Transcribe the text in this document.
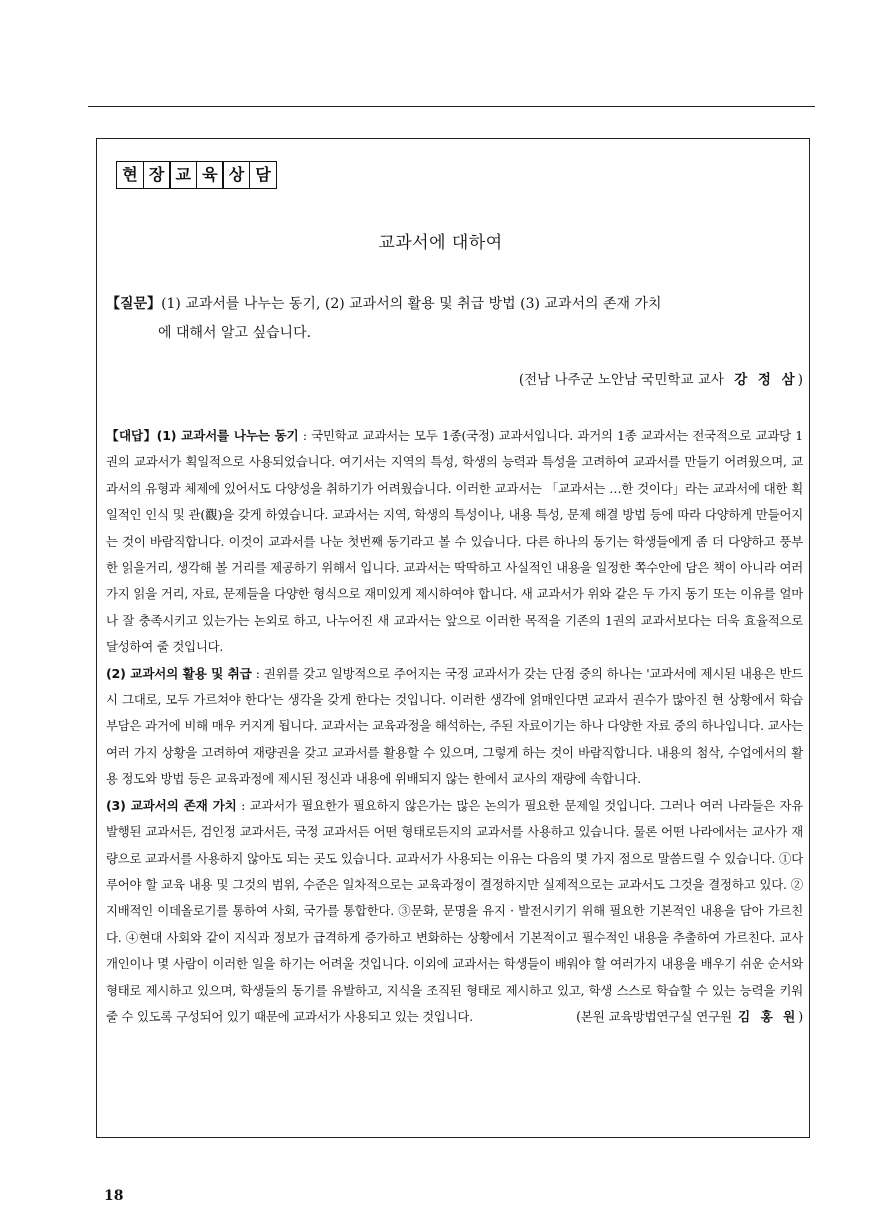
현 장 교 육 상 담
교과서에 대하여
【질문】(1) 교과서를 나누는 동기, (2) 교과서의 활용 및 취급 방법 (3) 교과서의 존재 가치
에 대해서 알고 싶습니다.
(전남 나주군 노안남 국민학교 교사 강 정 삼)

【대답】(1) 교과서를 나누는 동기 : 국민학교 교과서는 모두 1종(국정) 교과서입니다. 과거의 1종 교과서는 전국적으로 교과당 1권의 교과서가 획일적으로 사용되었습니다. 여기서는 지역의 특성, 학생의 능력과 특성을 고려하여 교과서를 만들기 어려웠으며, 교과서의 유형과 체제에 있어서도 다양성을 취하기가 어려웠습니다. 이러한 교과서는 「교과서는 …한 것이다」라는 교과서에 대한 획일적인 인식 및 관(觀)을 갖게 하였습니다. 교과서는 지역, 학생의 특성이나, 내용 특성, 문제 해결 방법 등에 따라 다양하게 만들어지는 것이 바람직합니다. 이것이 교과서를 나눈 첫번째 동기라고 볼 수 있습니다. 다른 하나의 동기는 학생들에게 좀 더 다양하고 풍부한 읽을거리, 생각해 볼 거리를 제공하기 위해서 입니다. 교과서는 딱딱하고 사실적인 내용을 일정한 쪽수안에 담은 책이 아니라 여러 가지 읽을 거리, 자료, 문제들을 다양한 형식으로 재미있게 제시하여야 합니다. 새 교과서가 위와 같은 두 가지 동기 또는 이유를 얼마나 잘 충족시키고 있는가는 논외로 하고, 나누어진 새 교과서는 앞으로 이러한 목적을 기존의 1권의 교과서보다는 더욱 효율적으로 달성하여 줄 것입니다.

(2) 교과서의 활용 및 취급 : 권위를 갖고 일방적으로 주어지는 국정 교과서가 갖는 단점 중의 하나는 '교과서에 제시된 내용은 반드시 그대로, 모두 가르쳐야 한다'는 생각을 갖게 한다는 것입니다. 이러한 생각에 얽매인다면 교과서 권수가 많아진 현 상황에서 학습 부담은 과거에 비해 매우 커지게 됩니다. 교과서는 교육과정을 해석하는, 주된 자료이기는 하나 다양한 자료 중의 하나입니다. 교사는 여러 가지 상황을 고려하여 재량권을 갖고 교과서를 활용할 수 있으며, 그렇게 하는 것이 바람직합니다. 내용의 첨삭, 수업에서의 활용 정도와 방법 등은 교육과정에 제시된 정신과 내용에 위배되지 않는 한에서 교사의 재량에 속합니다.

(3) 교과서의 존재 가치 : 교과서가 필요한가 필요하지 않은가는 많은 논의가 필요한 문제일 것입니다. 그러나 여러 나라들은 자유 발행된 교과서든, 검인정 교과서든, 국정 교과서든 어떤 형태로든지의 교과서를 사용하고 있습니다. 물론 어떤 나라에서는 교사가 재량으로 교과서를 사용하지 않아도 되는 곳도 있습니다. 교과서가 사용되는 이유는 다음의 몇 가지 점으로 말씀드릴 수 있습니다. ①다루어야 할 교육 내용 및 그것의 범위, 수준은 일차적으로는 교육과정이 결정하지만 실제적으로는 교과서도 그것을 결정하고 있다. ②지배적인 이데올로기를 통하여 사회, 국가를 통합한다. ③문화, 문명을 유지 · 발전시키기 위해 필요한 기본적인 내용을 담아 가르친다. ④현대 사회와 같이 지식과 정보가 급격하게 증가하고 변화하는 상황에서 기본적이고 필수적인 내용을 추출하여 가르친다. 교사 개인이나 몇 사람이 이러한 일을 하기는 어려울 것입니다. 이외에 교과서는 학생들이 배워야 할 여러가지 내용을 배우기 쉬운 순서와 형태로 제시하고 있으며, 학생들의 동기를 유발하고, 지식을 조직된 형태로 제시하고 있고, 학생 스스로 학습할 수 있는 능력을 키워 줄 수 있도록 구성되어 있기 때문에 교과서가 사용되고 있는 것입니다.	(본원 교육방법연구실 연구원 김 홍 원)

18
